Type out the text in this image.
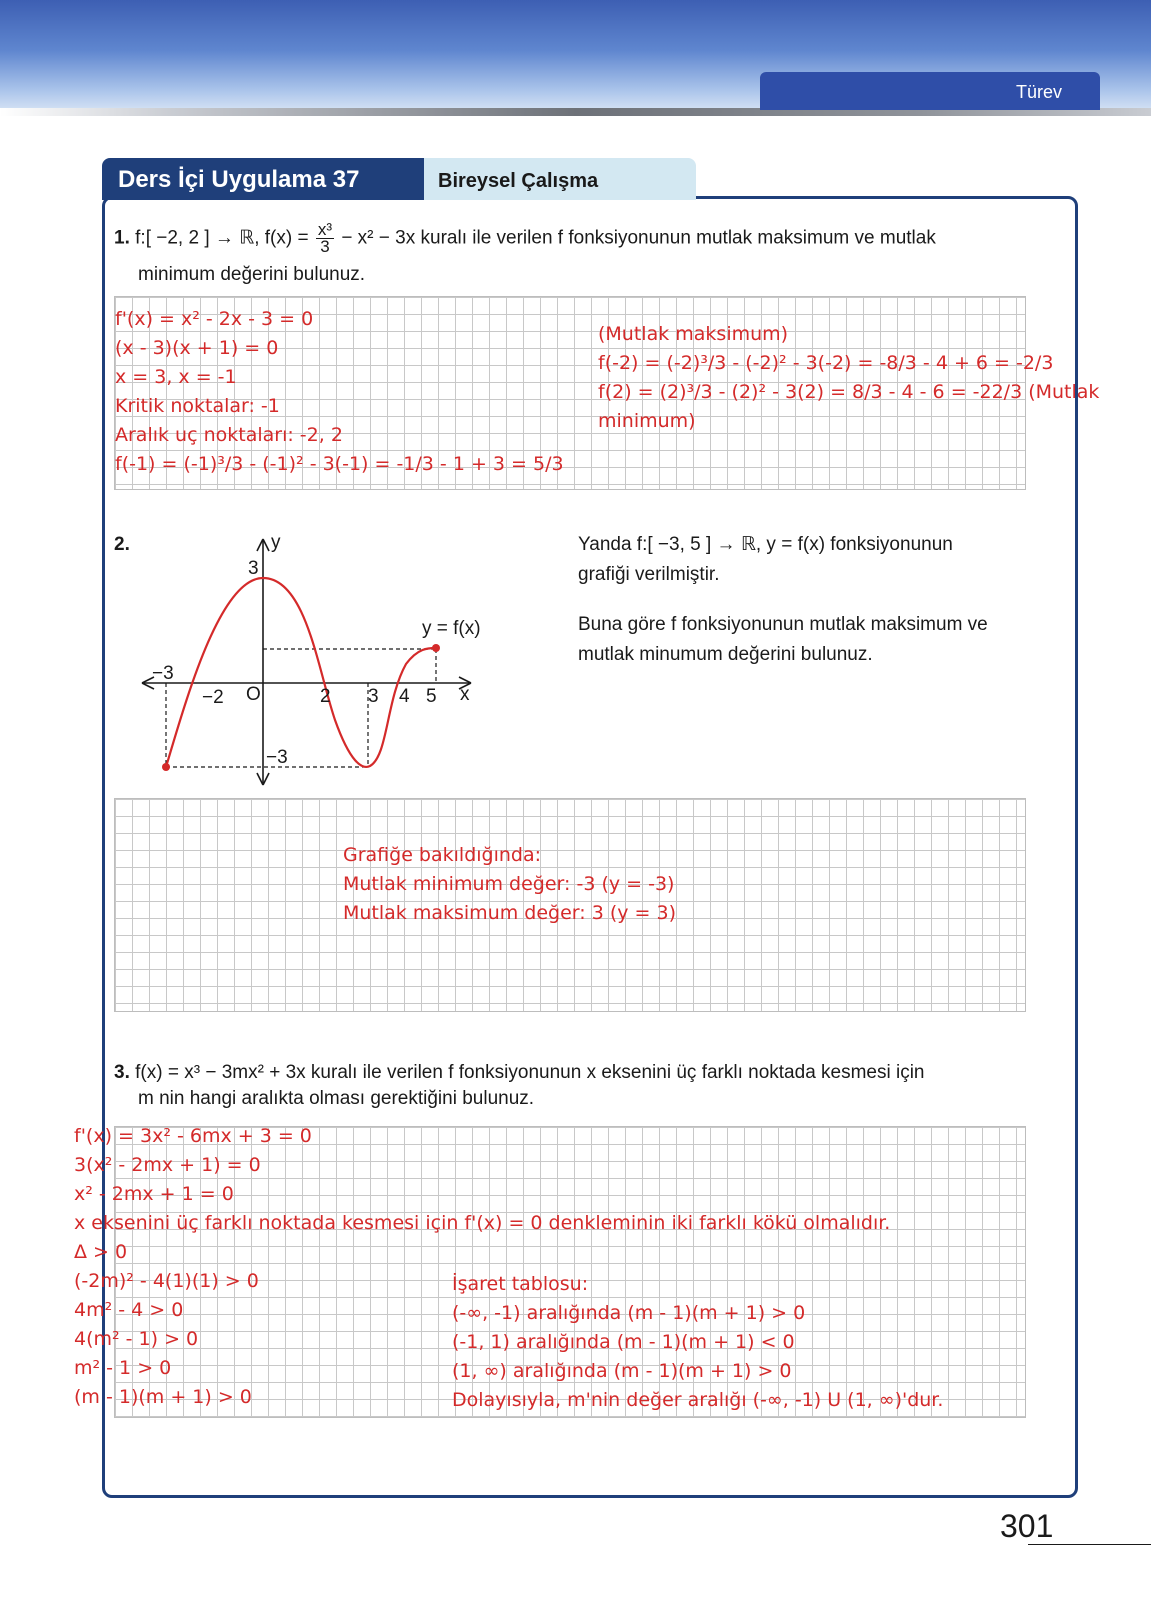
Türev
Ders İçi Uygulama 37	Bireysel Çalışma
1. f:[ −2, 2 ] → ℝ, $f(x) = \frac{\text{x³}}{3} - x^2 - 3x$ kuralı ile verilen f fonksiyonunun mutlak maksimum ve mutlak
minimum değerini bulunuz.
f'(x) = x² - 2x - 3 = 0
(x - 3)(x + 1) = 0
x = 3, x = -1
Kritik noktalar: -1
Aralık uç noktaları: -2, 2
f(-1) = (-1)³/3 - (-1)² - 3(-1) = -1/3 - 1 + 3 = 5/3
(Mutlak maksimum)
f(-2) = (-2)³/3 - (-2)² - 3(-2) = -8/3 - 4 + 6 = -2/3
f(2) = (2)³/3 - (2)² - 3(2) = 8/3 - 4 - 6 = -22/3 (Mutlak
minimum)
2.	y
x
O
3
−3
−3
−2	2 3 4 5
y = f(x)
Yanda f:[ −3, 5 ] → ℝ, y = f(x) fonksiyonunun
grafiği verilmiştir.
Buna göre f fonksiyonunun mutlak maksimum ve
mutlak minumum değerini bulunuz.
Grafiğe bakıldığında:
Mutlak minimum değer: -3 (y = -3)
Mutlak maksimum değer: 3 (y = 3)
3. f(x) = x³ − 3mx² + 3x kuralı ile verilen f fonksiyonunun x eksenini üç farklı noktada kesmesi için
m nin hangi aralıkta olması gerektiğini bulunuz.
f'(x) = 3x² - 6mx + 3 = 0
3(x² - 2mx + 1) = 0
x² - 2mx + 1 = 0
x eksenini üç farklı noktada kesmesi için f'(x) = 0 denkleminin iki farklı kökü olmalıdır.
Δ > 0
(-2m)² - 4(1)(1) > 0
4m² - 4 > 0
4(m² - 1) > 0
m² - 1 > 0
(m - 1)(m + 1) > 0
İşaret tablosu:
(-∞, -1) aralığında (m - 1)(m + 1) > 0
(-1, 1) aralığında (m - 1)(m + 1) < 0
(1, ∞) aralığında (m - 1)(m + 1) > 0
Dolayısıyla, m'nin değer aralığı (-∞, -1) U (1, ∞)'dur.
301
